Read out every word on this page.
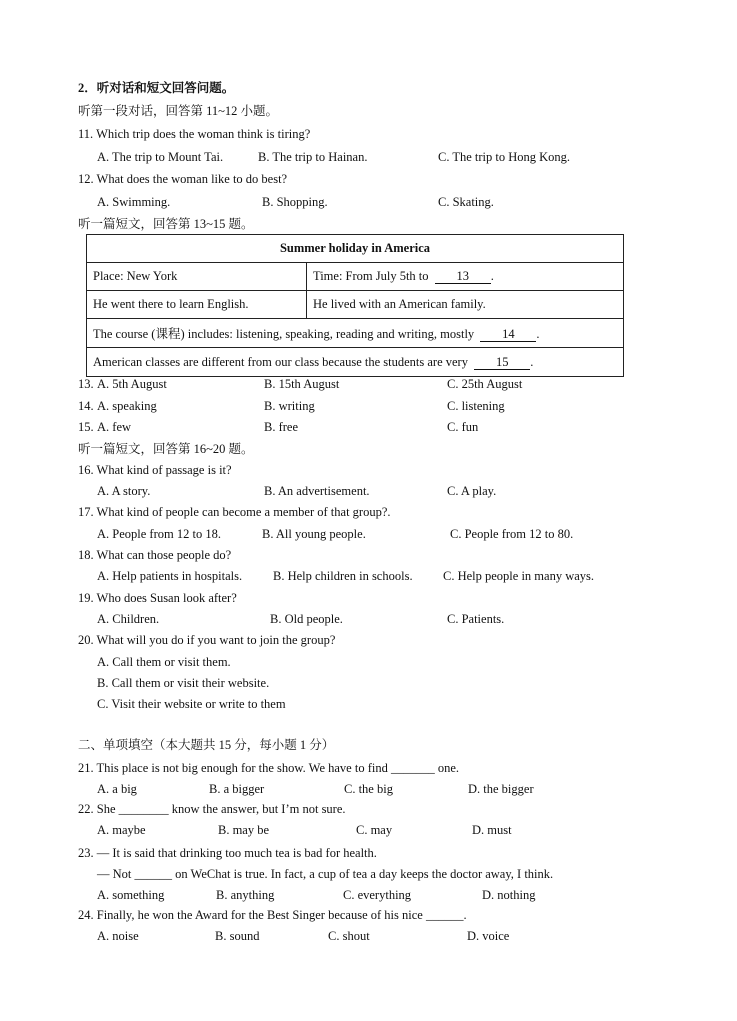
2．听对话和短文回答问题。
听第一段对话，回答第 11~12 小题。
11. Which trip does the woman think is tiring?
A. The trip to Mount Tai.	B. The trip to Hainan.	C. The trip to Hong Kong.
12. What does the woman like to do best?
A. Swimming.	B. Shopping.	C. Skating.
听一篇短文，回答第 13~15 题。
Summer holiday in America	
Place: New York	Time: From July 5th to 13 .
He went there to learn English.	He lived with an American family.
The course (课程) includes: listening, speaking, reading and writing, mostly 14 .	
American classes are different from our class because the students are very 15 .	
13. A. 5th August	B. 15th August	C. 25th August
14. A. speaking	B. writing	C. listening
15. A. few	B. free	C. fun
听一篇短文，回答第 16~20 题。
16. What kind of passage is it?
A. A story.	B. An advertisement.	C. A play.
17. What kind of people can become a member of that group?.
A. People from 12 to 18.	B. All young people.	C. People from 12 to 80.
18. What can those people do?
A. Help patients in hospitals. B. Help children in schools. C. Help people in many ways.
19. Who does Susan look after?
A. Children.	B. Old people.	C. Patients.
20. What will you do if you want to join the group?
A. Call them or visit them.
B. Call them or visit their website.
C. Visit their website or write to them
二、单项填空（本大题共 15 分，每小题 1 分）
21. This place is not big enough for the show. We have to find _______ one.
A. a big	B. a bigger	C. the big	D. the bigger
22. She ________ know the answer, but I’m not sure.
A. maybe	B. may be	C. may	D. must
23. — It is said that drinking too much tea is bad for health.
— Not ______ on WeChat is true. In fact, a cup of tea a day keeps the doctor away, I think.
A. something	B. anything	C. everything	D. nothing
24. Finally, he won the Award for the Best Singer because of his nice ______.
A. noise	B. sound	C. shout	D. voice
